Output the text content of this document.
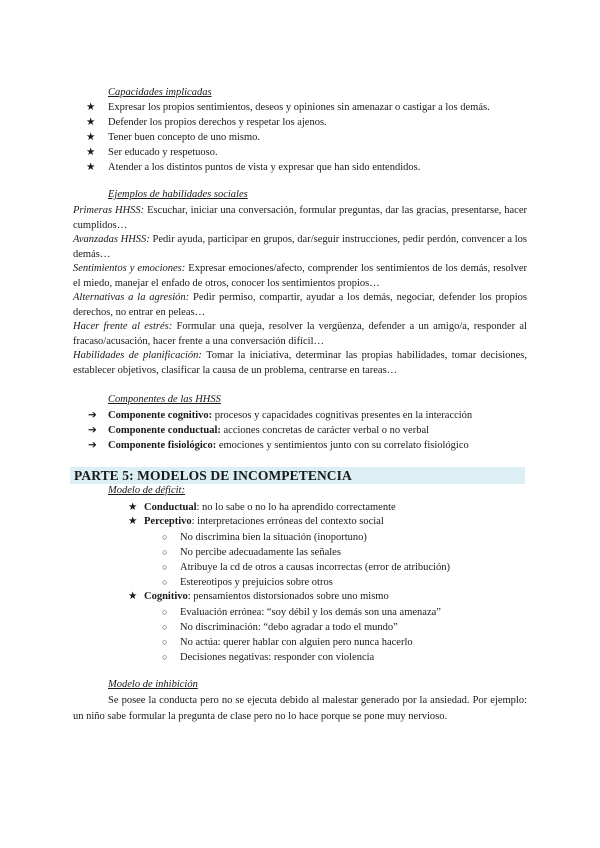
Capacidades implicadas
★ Expresar los propios sentimientos, deseos y opiniones sin amenazar o castigar a los demás.
★ Defender los propios derechos y respetar los ajenos.
★ Tener buen concepto de uno mismo.
★ Ser educado y respetuoso.
★ Atender a los distintos puntos de vista y expresar que han sido entendidos.
Ejemplos de habilidades sociales
Primeras HHSS: Escuchar, iniciar una conversación, formular preguntas, dar las gracias, presentarse, hacer cumplidos…
Avanzadas HHSS: Pedir ayuda, participar en grupos, dar/seguir instrucciones, pedir perdón, convencer a los demás…
Sentimientos y emociones: Expresar emociones/afecto, comprender los sentimientos de los demás, resolver el miedo, manejar el enfado de otros, conocer los sentimientos propios…
Alternativas a la agresión: Pedir permiso, compartir, ayudar a los demás, negociar, defender los propios derechos, no entrar en peleas…
Hacer frente al estrés: Formular una queja, resolver la vergüenza, defender a un amigo/a, responder al fracaso/acusación, hacer frente a una conversación difícil…
Habilidades de planificación: Tomar la iniciativa, determinar las propias habilidades, tomar decisiones, establecer objetivos, clasificar la causa de un problema, centrarse en tareas…
Componentes de las HHSS
➔ Componente cognitivo: procesos y capacidades cognitivas presentes en la interacción
➔ Componente conductual: acciones concretas de carácter verbal o no verbal
➔ Componente fisiológico: emociones y sentimientos junto con su correlato fisiológico
PARTE 5: MODELOS DE INCOMPETENCIA
Modelo de déficit:
★ Conductual: no lo sabe o no lo ha aprendido correctamente
★ Perceptivo: interpretaciones erróneas del contexto social
○ No discrimina bien la situación (inoportuno)
○ No percibe adecuadamente las señales
○ Atribuye la cd de otros a causas incorrectas (error de atribución)
○ Estereotipos y prejuicios sobre otros
★ Cognitivo: pensamientos distorsionados sobre uno mismo
○ Evaluación errónea: “soy débil y los demás son una amenaza”
○ No discriminación: “debo agradar a todo el mundo”
○ No actúa: querer hablar con alguien pero nunca hacerlo
○ Decisiones negativas: responder con violencia
Modelo de inhibición
Se posee la conducta pero no se ejecuta debido al malestar generado por la ansiedad. Por ejemplo: un niño sabe formular la pregunta de clase pero no lo hace porque se pone muy nervioso.
